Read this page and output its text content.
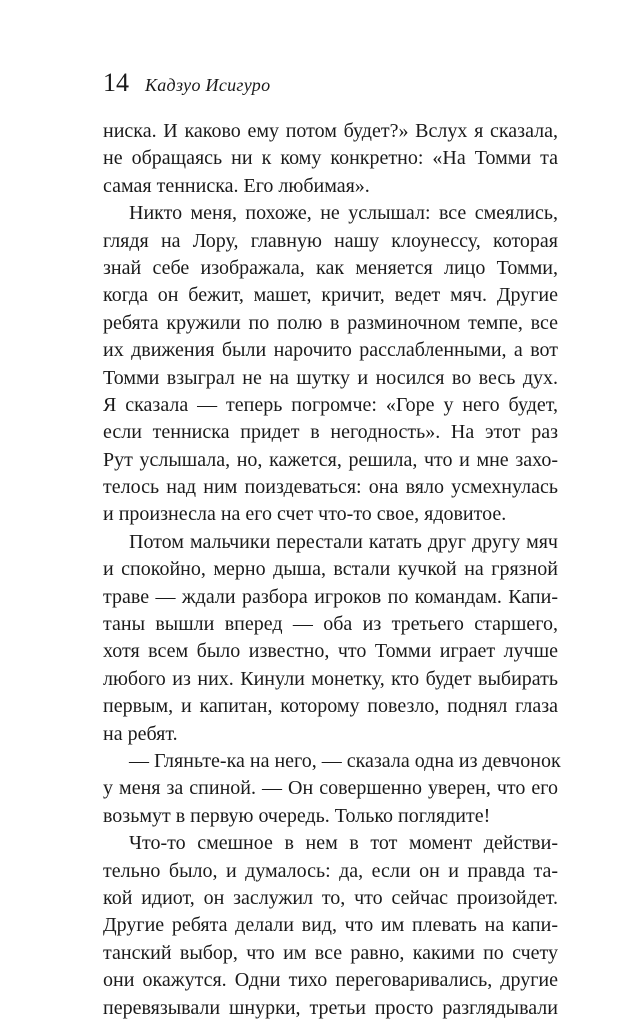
14 Кадзуо Исигуро
ниска. И каково ему потом будет?» Вслух я сказала,
не обращаясь ни к кому конкретно: «На Томми та
самая тенниска. Его любимая».
Никто меня, похоже, не услышал: все смеялись,
глядя на Лору, главную нашу клоунессу, которая
знай себе изображала, как меняется лицо Томми,
когда он бежит, машет, кричит, ведет мяч. Другие
ребята кружили по полю в разминочном темпе, все
их движения были нарочито расслабленными, а вот
Томми взыграл не на шутку и носился во весь дух.
Я сказала — теперь погромче: «Горе у него будет,
если тенниска придет в негодность». На этот раз
Рут услышала, но, кажется, решила, что и мне захо-
телось над ним поиздеваться: она вяло усмехнулась
и произнесла на его счет что-то свое, ядовитое.
Потом мальчики перестали катать друг другу мяч
и спокойно, мерно дыша, встали кучкой на грязной
траве — ждали разбора игроков по командам. Капи-
таны вышли вперед — оба из третьего старшего,
хотя всем было известно, что Томми играет лучше
любого из них. Кинули монетку, кто будет выбирать
первым, и капитан, которому повезло, поднял глаза
на ребят.
— Гляньте-ка на него, — сказала одна из девчонок
у меня за спиной. — Он совершенно уверен, что его
возьмут в первую очередь. Только поглядите!
Что-то смешное в нем в тот момент действи-
тельно было, и думалось: да, если он и правда та-
кой идиот, он заслужил то, что сейчас произойдет.
Другие ребята делали вид, что им плевать на капи-
танский выбор, что им все равно, какими по счету
они окажутся. Одни тихо переговаривались, другие
перевязывали шнурки, третьи просто разглядывали
